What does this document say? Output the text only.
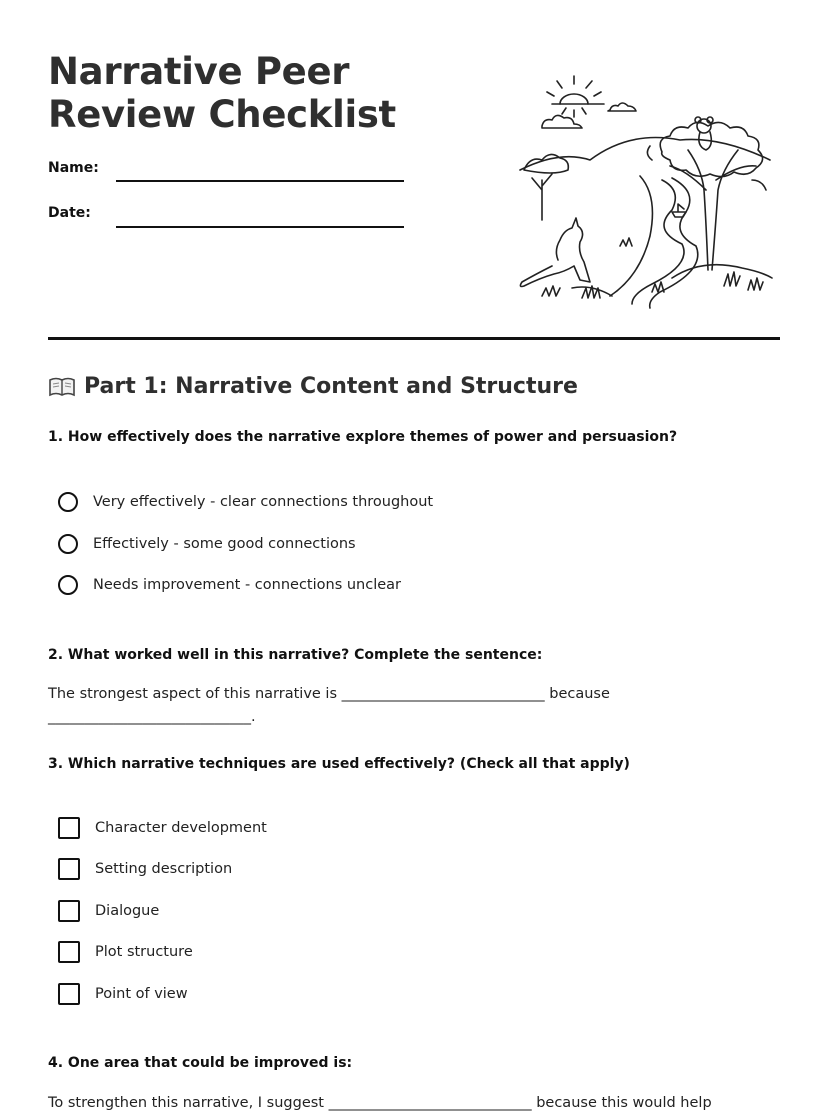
Narrative Peer Review Checklist
Name:
Date:
Part 1: Narrative Content and Structure
1. How effectively does the narrative explore themes of power and persuasion?
Very effectively - clear connections throughout
Effectively - some good connections
Needs improvement - connections unclear
2. What worked well in this narrative? Complete the sentence:
The strongest aspect of this narrative is ____________________________ because
____________________________.
3. Which narrative techniques are used effectively? (Check all that apply)
Character development
Setting description
Dialogue
Plot structure
Point of view
4. One area that could be improved is:
To strengthen this narrative, I suggest ____________________________ because this would help
